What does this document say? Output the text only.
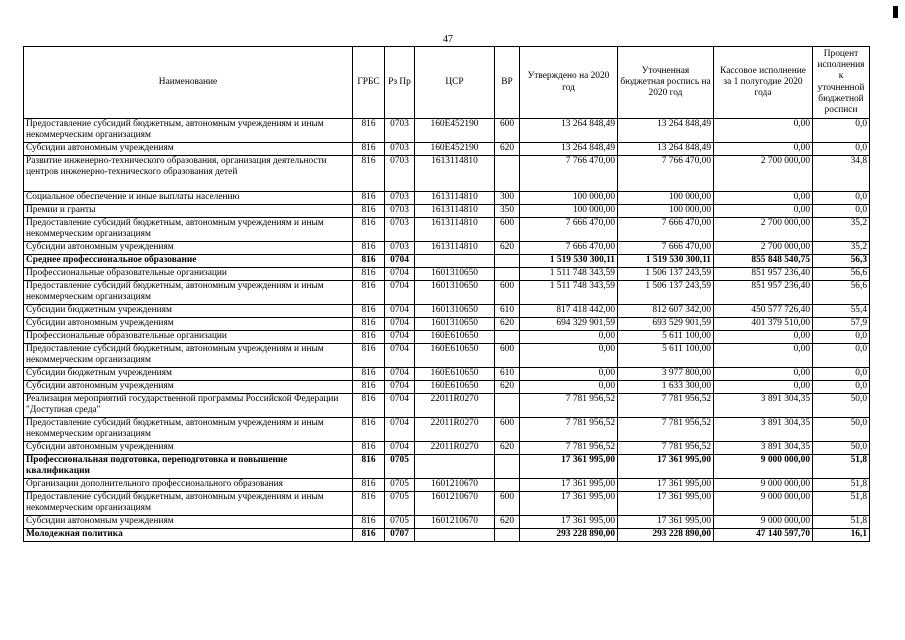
47
Наименование	ГРБС	Рз Пр	ЦСР	ВР	Утверждено на 2020 год	Уточненная бюджетная роспись на 2020 год	Кассовое исполнение за 1 полугодие 2020 года	Процент исполнения к уточненной бюджетной росписи
Предоставление субсидий бюджетным, автономным учреждениям и иным некоммерческим организациям	816	0703	160Е452190	600	13 264 848,49	13 264 848,49	0,00	0,0
Субсидии автономным учреждениям	816	0703	160Е452190	620	13 264 848,49	13 264 848,49	0,00	0,0
Развитие инженерно-технического образования, организация деятельности центров инженерно-технического образования детей	816	0703	1613114810		7 766 470,00	7 766 470,00	2 700 000,00	34,8
Социальное обеспечение и иные выплаты населению	816	0703	1613114810	300	100 000,00	100 000,00	0,00	0,0
Премии и гранты	816	0703	1613114810	350	100 000,00	100 000,00	0,00	0,0
Предоставление субсидий бюджетным, автономным учреждениям и иным некоммерческим организациям	816	0703	1613114810	600	7 666 470,00	7 666 470,00	2 700 000,00	35,2
Субсидии автономным учреждениям	816	0703	1613114810	620	7 666 470,00	7 666 470,00	2 700 000,00	35,2
Среднее профессиональное образование	816	0704			1 519 530 300,11	1 519 530 300,11	855 848 540,75	56,3
Профессиональные образовательные организации	816	0704	1601310650		1 511 748 343,59	1 506 137 243,59	851 957 236,40	56,6
Предоставление субсидий бюджетным, автономным учреждениям и иным некоммерческим организациям	816	0704	1601310650	600	1 511 748 343,59	1 506 137 243,59	851 957 236,40	56,6
Субсидии бюджетным учреждениям	816	0704	1601310650	610	817 418 442,00	812 607 342,00	450 577 726,40	55,4
Субсидии автономным учреждениям	816	0704	1601310650	620	694 329 901,59	693 529 901,59	401 379 510,00	57,9
Профессиональные образовательные организации	816	0704	160Е610650		0,00	5 611 100,00	0,00	0,0
Предоставление субсидий бюджетным, автономным учреждениям и иным некоммерческим организациям	816	0704	160Е610650	600	0,00	5 611 100,00	0,00	0,0
Субсидии бюджетным учреждениям	816	0704	160Е610650	610	0,00	3 977 800,00	0,00	0,0
Субсидии автономным учреждениям	816	0704	160Е610650	620	0,00	1 633 300,00	0,00	0,0
Реализация мероприятий государственной программы Российской Федерации "Доступная среда"	816	0704	22011R0270		7 781 956,52	7 781 956,52	3 891 304,35	50,0
Предоставление субсидий бюджетным, автономным учреждениям и иным некоммерческим организациям	816	0704	22011R0270	600	7 781 956,52	7 781 956,52	3 891 304,35	50,0
Субсидии автономным учреждениям	816	0704	22011R0270	620	7 781 956,52	7 781 956,52	3 891 304,35	50,0
Профессиональная подготовка, переподготовка и повышение квалификации	816	0705			17 361 995,00	17 361 995,00	9 000 000,00	51,8
Организации дополнительного профессионального образования	816	0705	1601210670		17 361 995,00	17 361 995,00	9 000 000,00	51,8
Предоставление субсидий бюджетным, автономным учреждениям и иным некоммерческим организациям	816	0705	1601210670	600	17 361 995,00	17 361 995,00	9 000 000,00	51,8
Субсидии автономным учреждениям	816	0705	1601210670	620	17 361 995,00	17 361 995,00	9 000 000,00	51,8
Молодежная политика	816	0707			293 228 890,00	293 228 890,00	47 140 597,70	16,1
